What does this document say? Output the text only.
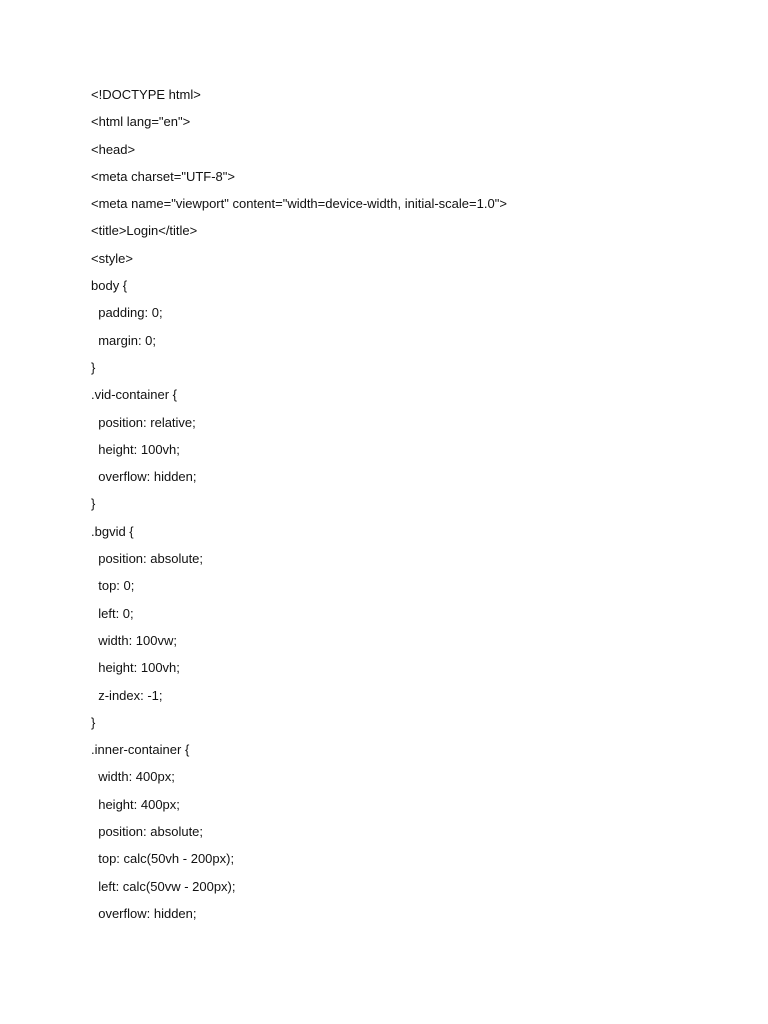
<!DOCTYPE html>
<html lang="en">
<head>
<meta charset="UTF-8">
<meta name="viewport" content="width=device-width, initial-scale=1.0">
<title>Login</title>
<style>
body {
padding: 0;
margin: 0;
}
.vid-container {
position: relative;
height: 100vh;
overflow: hidden;
}
.bgvid {
position: absolute;
top: 0;
left: 0;
width: 100vw;
height: 100vh;
z-index: -1;
}
.inner-container {
width: 400px;
height: 400px;
position: absolute;
top: calc(50vh - 200px);
left: calc(50vw - 200px);
overflow: hidden;
